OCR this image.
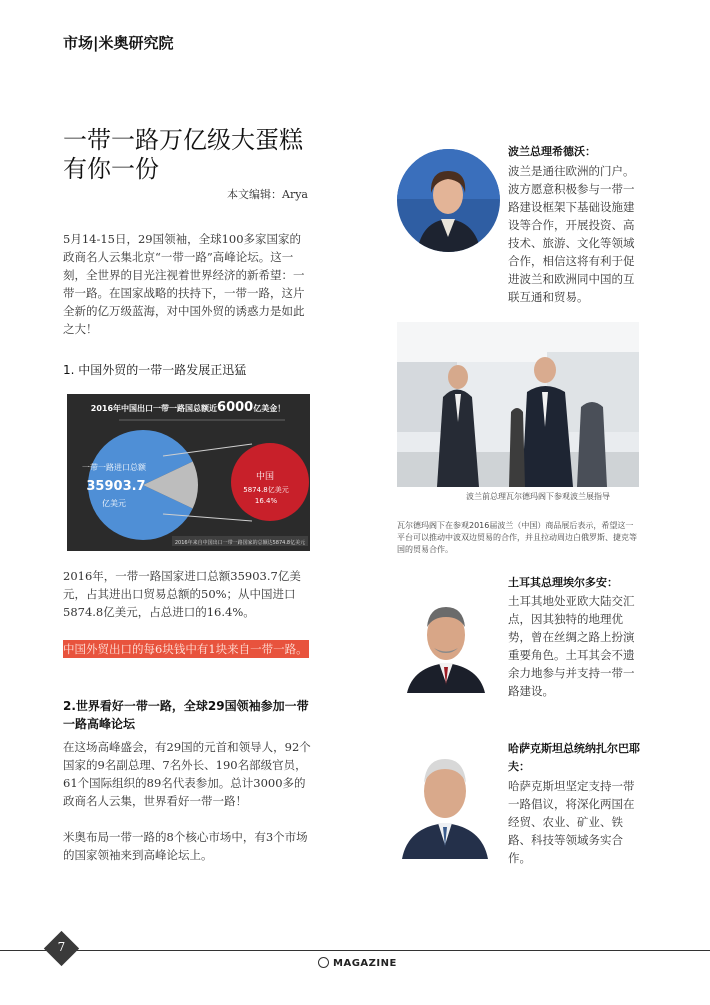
市场|米奥研究院
一带一路万亿级大蛋糕
有你一份
本文编辑：Arya
5月14-15日，29国领袖，全球100多家国家的政商名人云集北京“一带一路”高峰论坛。这一刻，全世界的目光注视着世界经济的新希望：一带一路。在国家战略的扶持下，一带一路，这片全新的亿万级蓝海，对中国外贸的诱惑力是如此之大！
1. 中国外贸的一带一路发展正迅猛
2016年中国出口一带一路国总额近6000亿美金！
一带一路进口总额
35903.7
亿美元
中国
5874.8亿美元
16.4%
2016年来自中国出口一带一路国家的总额达5874.8亿美元
2016年，一带一路国家进口总额35903.7亿美元，占其进出口贸易总额的50%；从中国进口5874.8亿美元，占总进口的16.4%。
中国外贸出口的每6块钱中有1块来自一带一路。
2.世界看好一带一路，全球29国领袖参加一带一路高峰论坛
在这场高峰盛会，有29国的元首和领导人，92个国家的9名副总理、7名外长、190名部级官员，61个国际组织的89名代表参加。总计3000多的政商名人云集，世界看好一带一路！
米奥布局一带一路的8个核心市场中，有3个市场的国家领袖来到高峰论坛上。
波兰总理希德沃：
波兰是通往欧洲的门户。波方愿意积极参与一带一路建设框架下基础设施建设等合作，开展投资、高技术、旅游、文化等领域合作，相信这将有利于促进波兰和欧洲同中国的互联互通和贸易。
波兰前总理瓦尔德玛阁下参观波兰展指导
瓦尔德玛阁下在参观2016届波兰（中国）商品展后表示，希望这一平台可以推动中波双边贸易的合作，并且拉动周边白俄罗斯、捷克等国的贸易合作。
土耳其总理埃尔多安：
土耳其地处亚欧大陆交汇点，因其独特的地理优势，曾在丝绸之路上扮演重要角色。土耳其会不遗余力地参与并支持一带一路建设。
哈萨克斯坦总统纳扎尔巴耶夫：
哈萨克斯坦坚定支持一带一路倡议，将深化两国在经贸、农业、矿业、铁路、科技等领域务实合作。
7
MAGAZINE
